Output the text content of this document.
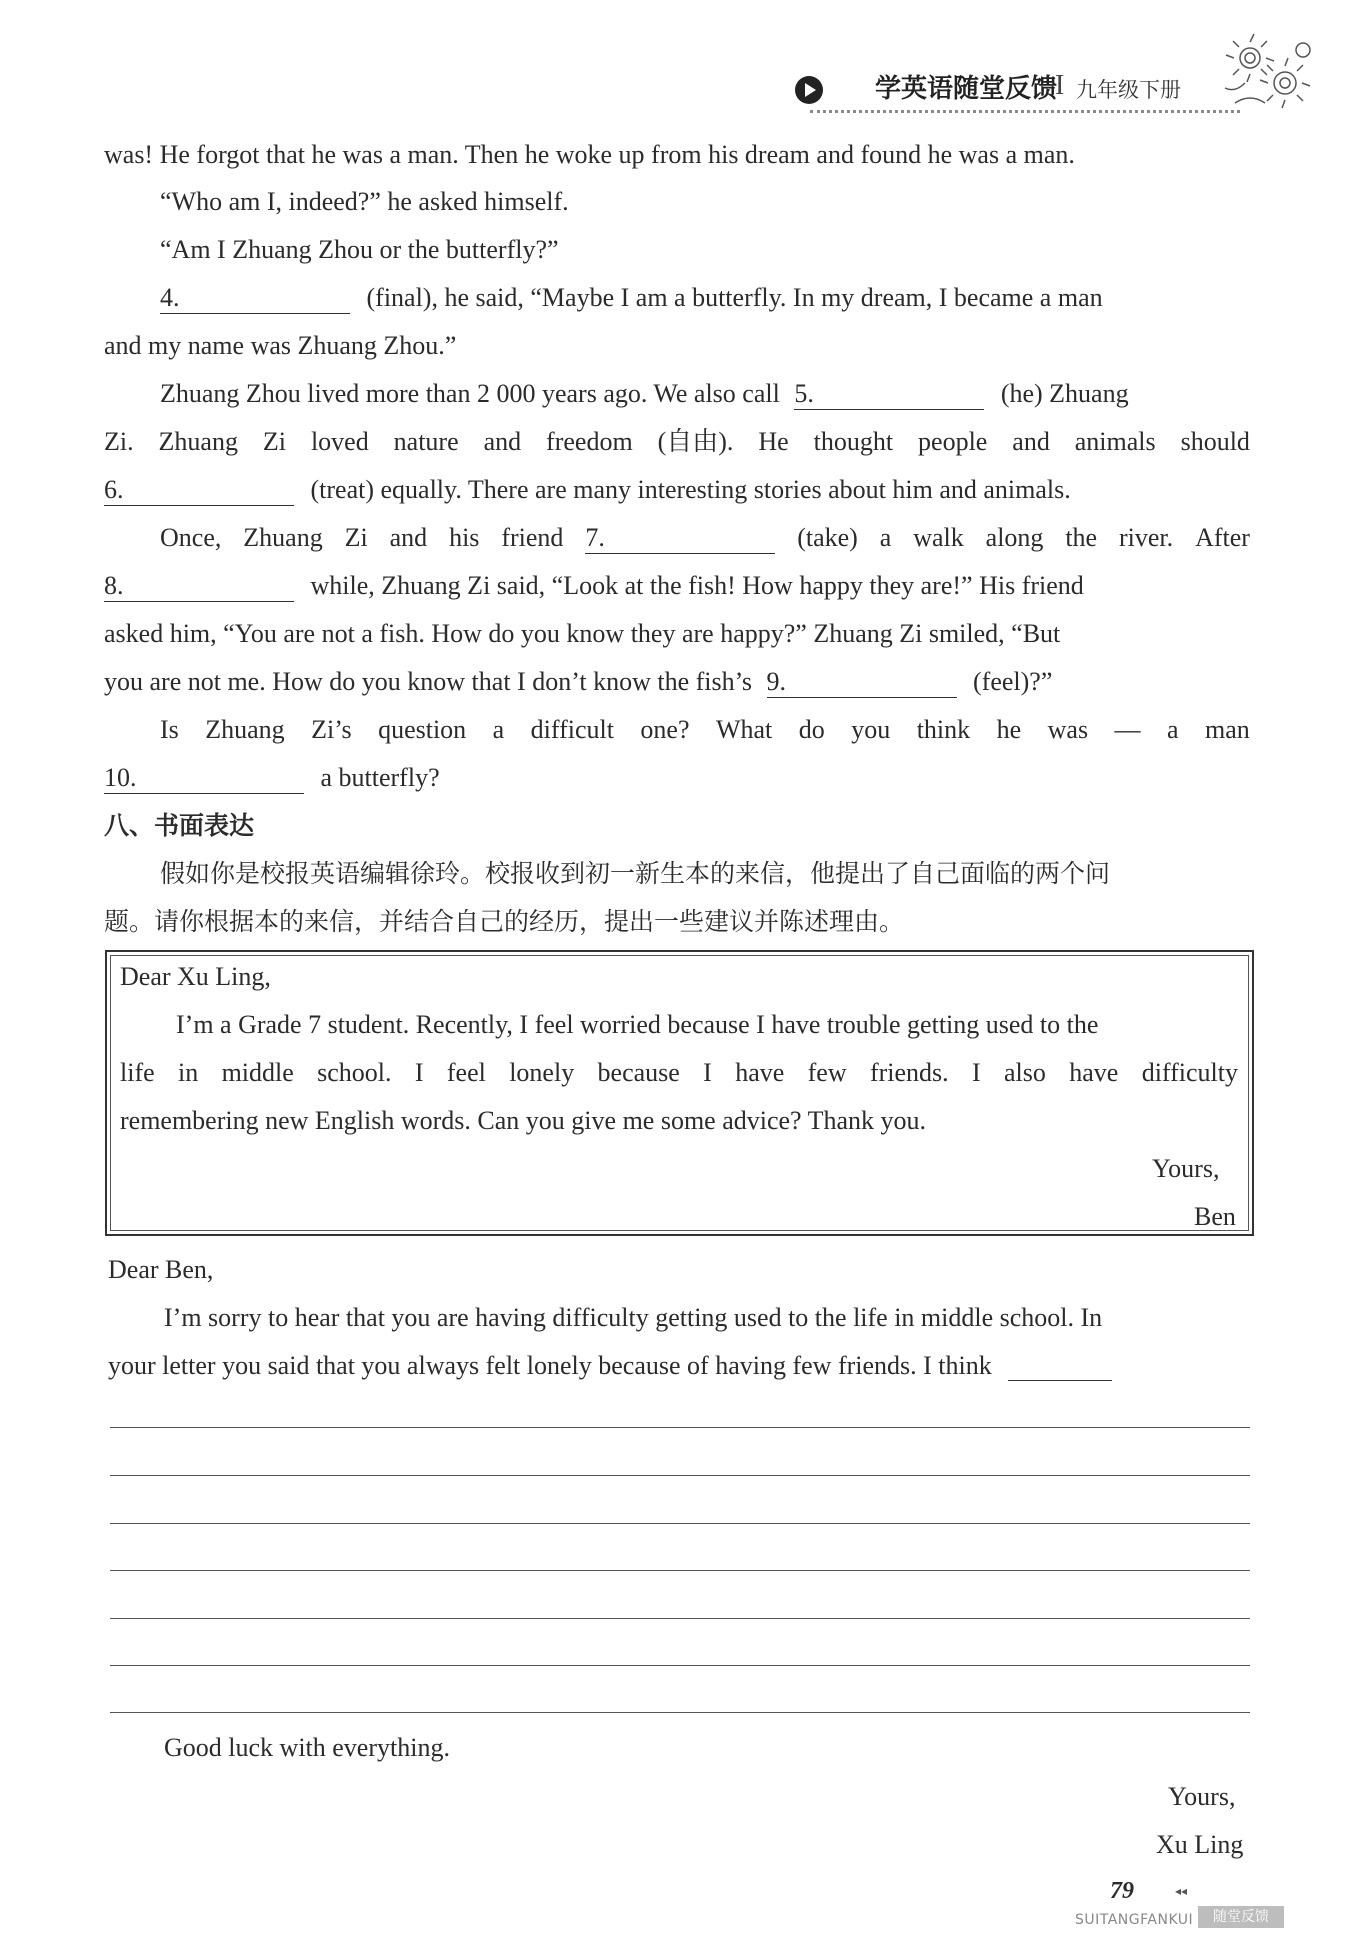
学英语随堂反馈
I 九年级下册
was! He forgot that he was a man. Then he woke up from his dream and found he was a man.
“Who am I, indeed?” he asked himself.
“Am I Zhuang Zhou or the butterfly?”
4.	(final), he said, “Maybe I am a butterfly. In my dream, I became a man
and my name was Zhuang Zhou.”
Zhuang Zhou lived more than 2 000 years ago. We also call 5.	(he) Zhuang
Zi. Zhuang Zi loved nature and freedom (自由). He thought people and animals should
6.	(treat) equally. There are many interesting stories about him and animals.
Once, Zhuang Zi and his friend 7.	(take) a walk along the river. After
8.	while, Zhuang Zi said, “Look at the fish! How happy they are!” His friend
asked him, “You are not a fish. How do you know they are happy?” Zhuang Zi smiled, “But
you are not me. How do you know that I don’t know the fish’s 9.	(feel)?”
Is Zhuang Zi’s question a difficult one? What do you think he was — a man
10.	a butterfly?
八、书面表达
假如你是校报英语编辑徐玲。校报收到初一新生本的来信，他提出了自己面临的两个问
题。请你根据本的来信，并结合自己的经历，提出一些建议并陈述理由。
Dear Xu Ling,
I’m a Grade 7 student. Recently, I feel worried because I have trouble getting used to the
life in middle school. I feel lonely because I have few friends. I also have difficulty
remembering new English words. Can you give me some advice? Thank you.
Yours,
Ben
Dear Ben,
I’m sorry to hear that you are having difficulty getting used to the life in middle school. In
your letter you said that you always felt lonely because of having few friends. I think
Good luck with everything.
Yours,
Xu Ling
79	◂◂
SUITANGFANKUI	随堂反馈
